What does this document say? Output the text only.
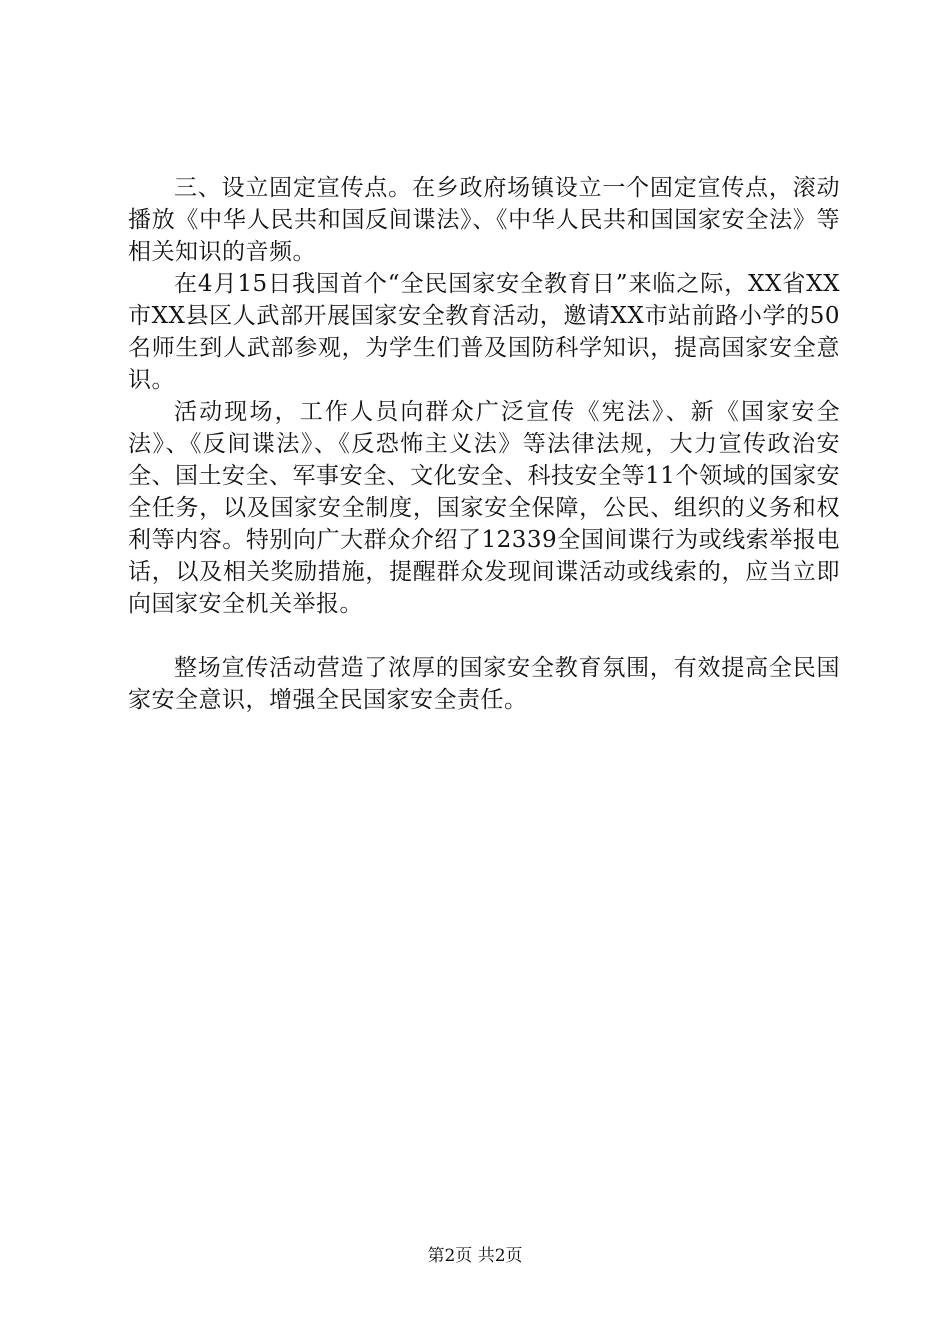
三、设立固定宣传点。在乡政府场镇设立一个固定宣传点，滚动播放《中华人民共和国反间谍法》、《中华人民共和国国家安全法》等相关知识的音频。

在4月15日我国首个“全民国家安全教育日”来临之际，XX省XX市XX县区人武部开展国家安全教育活动，邀请XX市站前路小学的50名师生到人武部参观，为学生们普及国防科学知识，提高国家安全意识。

活动现场，工作人员向群众广泛宣传《宪法》、新《国家安全法》、《反间谍法》、《反恐怖主义法》等法律法规，大力宣传政治安全、国土安全、军事安全、文化安全、科技安全等11个领域的国家安全任务，以及国家安全制度，国家安全保障，公民、组织的义务和权利等内容。特别向广大群众介绍了12339全国间谍行为或线索举报电话，以及相关奖励措施，提醒群众发现间谍活动或线索的，应当立即向国家安全机关举报。

整场宣传活动营造了浓厚的国家安全教育氛围，有效提高全民国家安全意识，增强全民国家安全责任。

第2页 共2页
